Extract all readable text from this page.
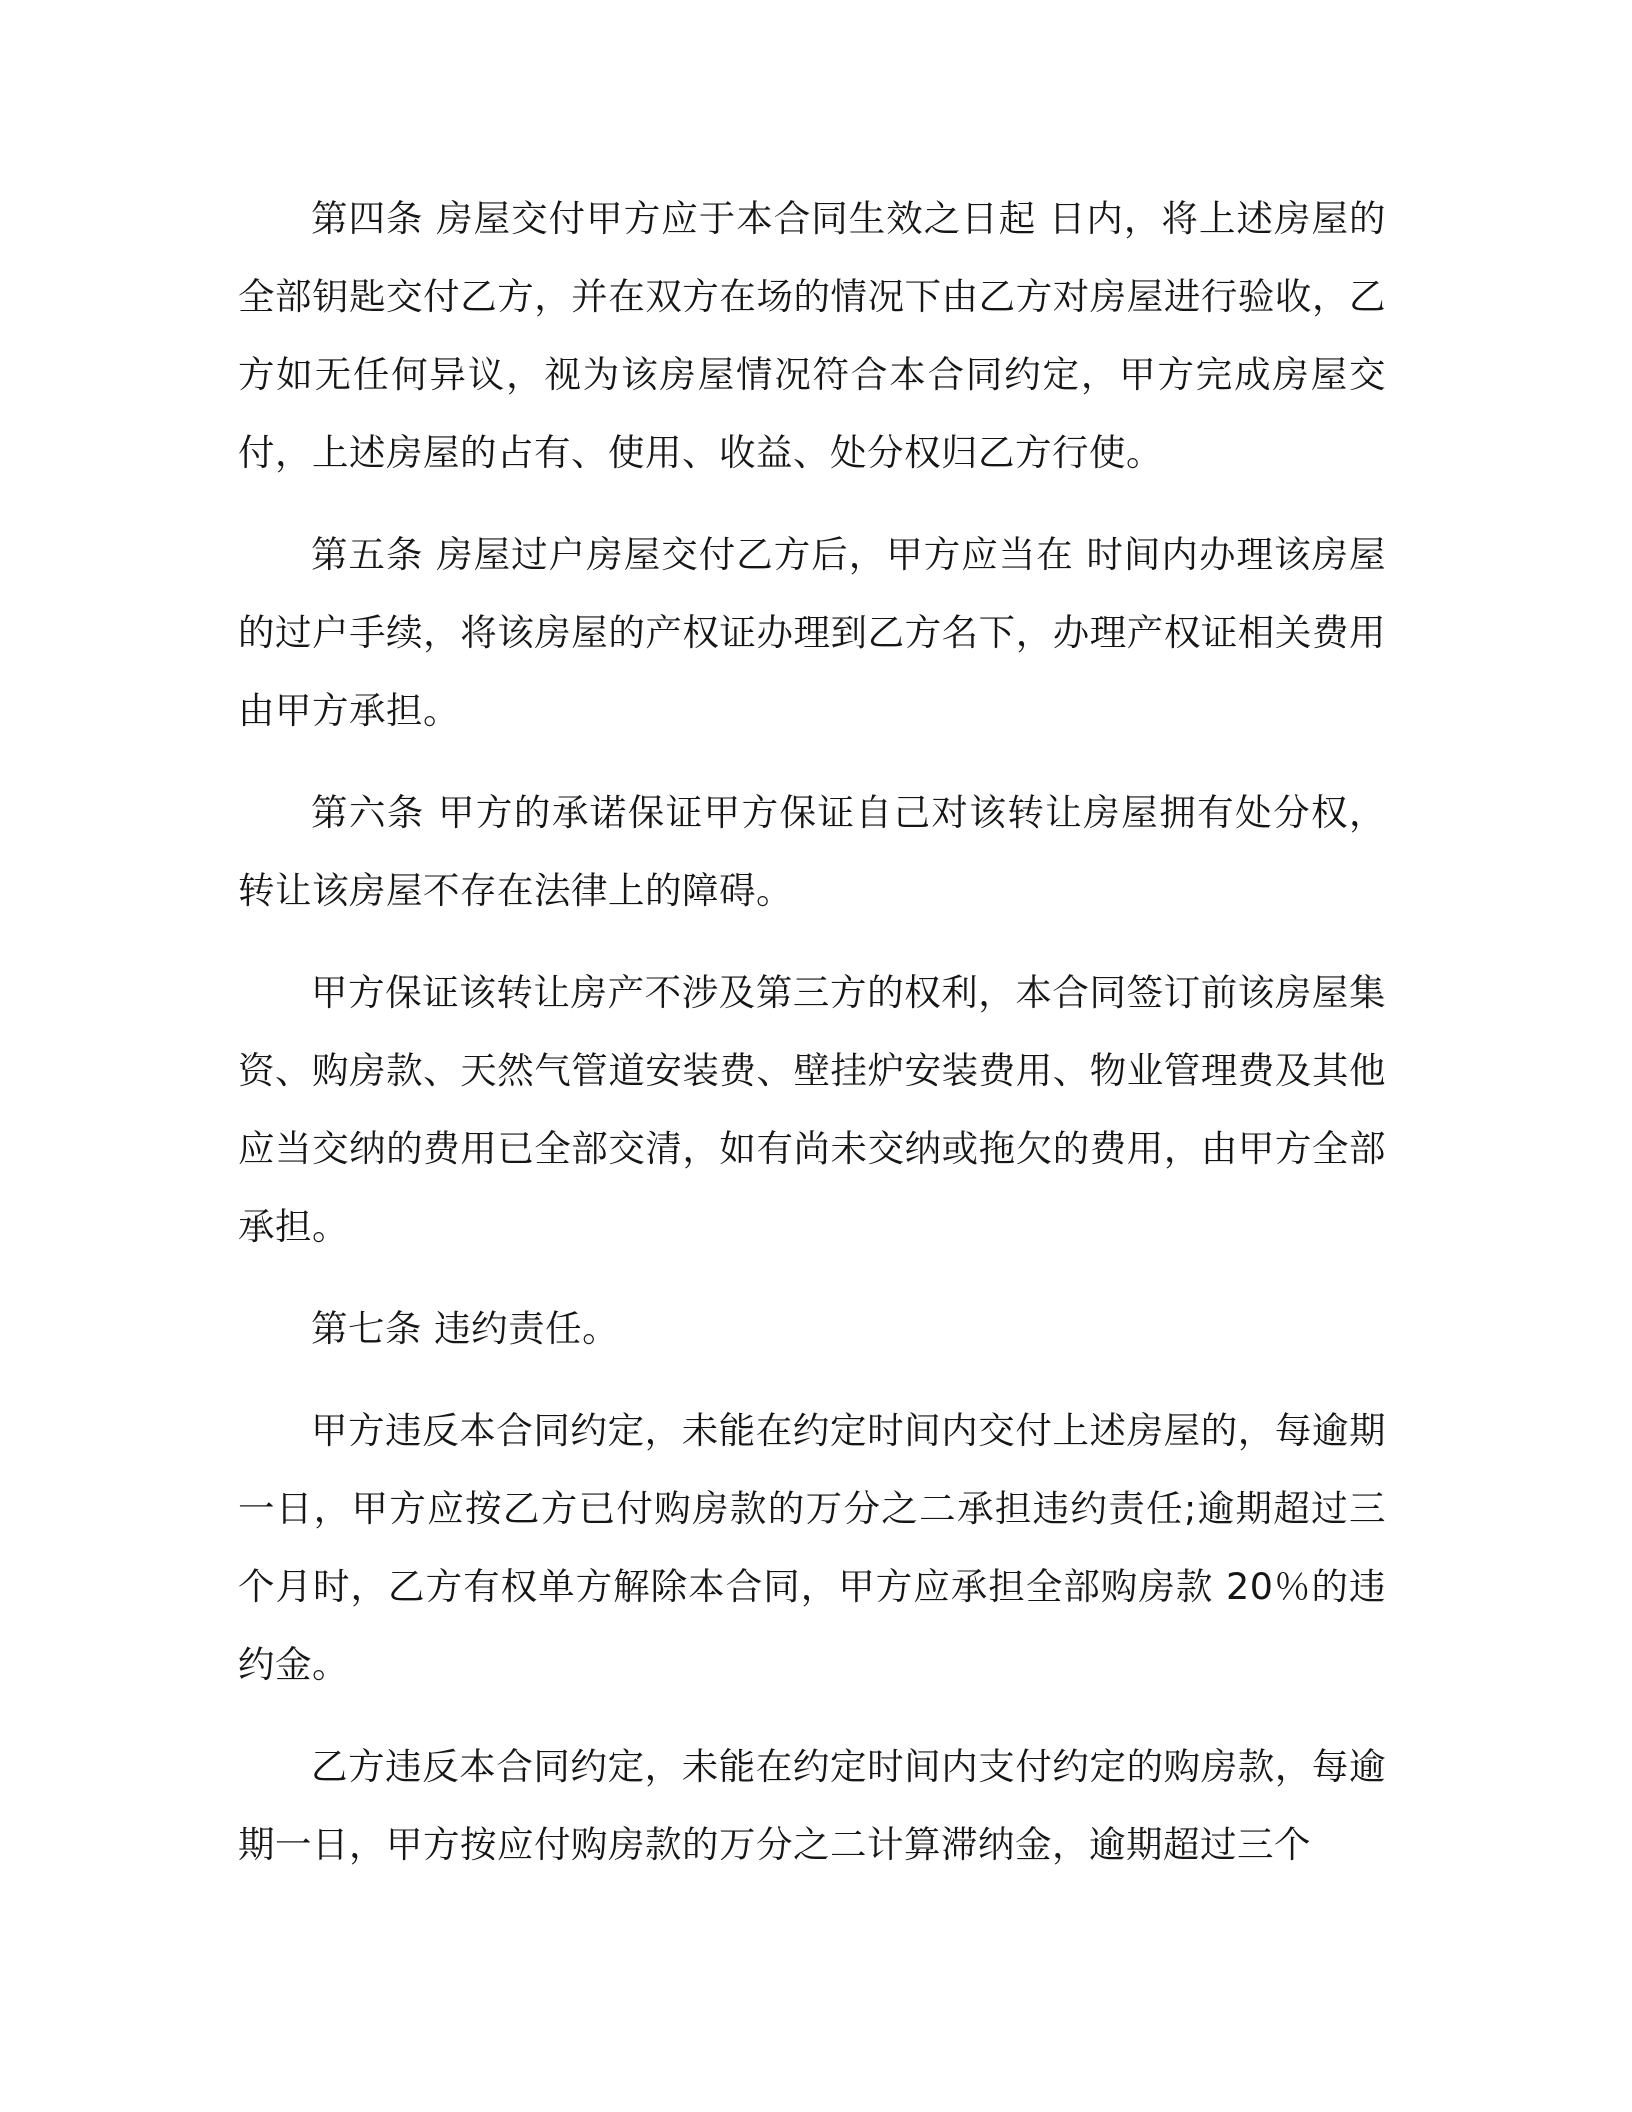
第四条 房屋交付甲方应于本合同生效之日起 日内，将上述房屋的全部钥匙交付乙方，并在双方在场的情况下由乙方对房屋进行验收，乙方如无任何异议，视为该房屋情况符合本合同约定，甲方完成房屋交付，上述房屋的占有、使用、收益、处分权归乙方行使。

第五条 房屋过户房屋交付乙方后，甲方应当在 时间内办理该房屋的过户手续，将该房屋的产权证办理到乙方名下，办理产权证相关费用由甲方承担。

第六条 甲方的承诺保证甲方保证自己对该转让房屋拥有处分权，转让该房屋不存在法律上的障碍。

甲方保证该转让房产不涉及第三方的权利，本合同签订前该房屋集资、购房款、天然气管道安装费、壁挂炉安装费用、物业管理费及其他应当交纳的费用已全部交清，如有尚未交纳或拖欠的费用，由甲方全部承担。

第七条 违约责任。

甲方违反本合同约定，未能在约定时间内交付上述房屋的，每逾期一日，甲方应按乙方已付购房款的万分之二承担违约责任;逾期超过三个月时，乙方有权单方解除本合同，甲方应承担全部购房款 20％的违约金。

乙方违反本合同约定，未能在约定时间内支付约定的购房款，每逾期一日，甲方按应付购房款的万分之二计算滞纳金，逾期超过三个
